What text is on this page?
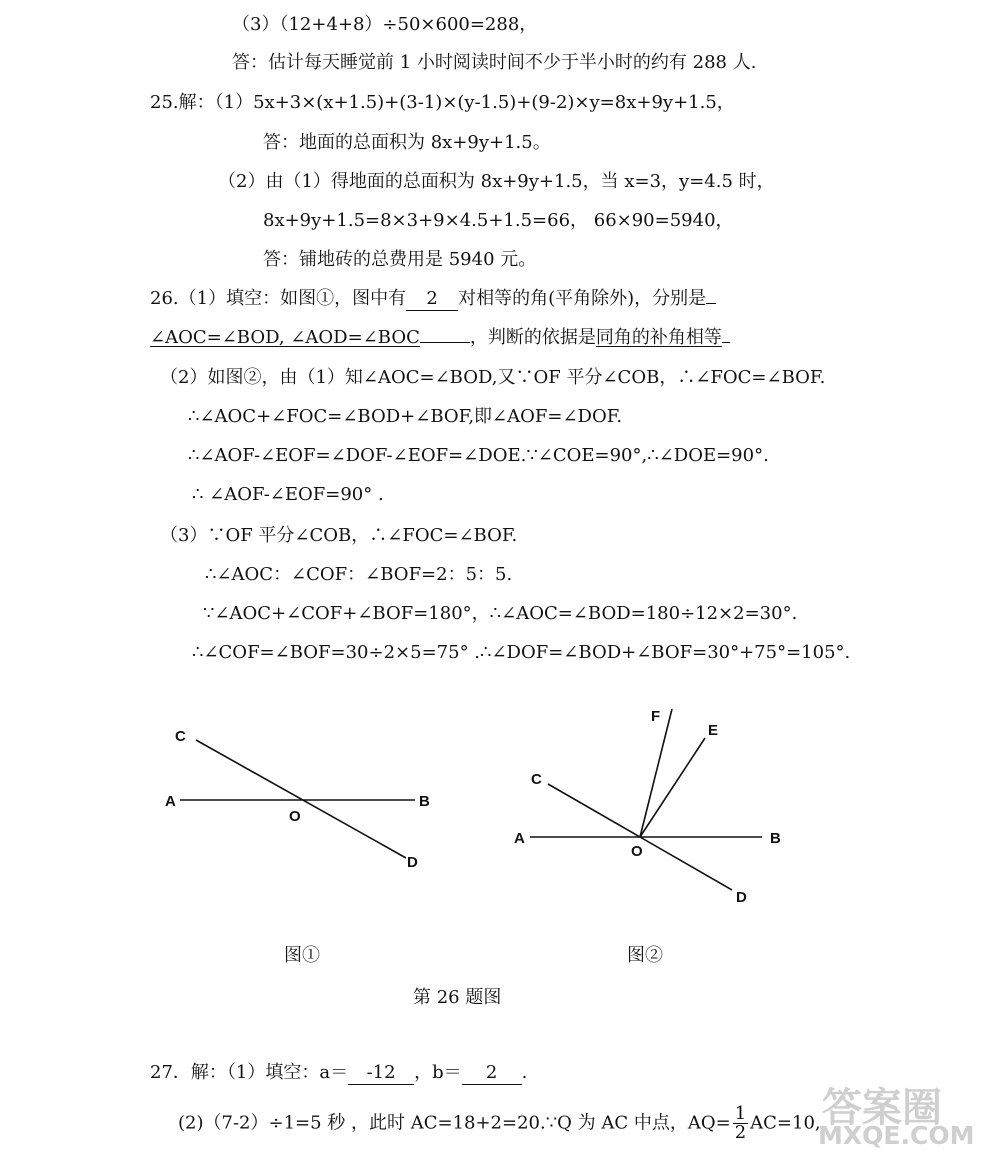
（3）（12+4+8）÷50×600=288，
答：估计每天睡觉前 1 小时阅读时间不少于半小时的约有 288 人.
25.解：（1）5x+3×(x+1.5)+(3-1)×(y-1.5)+(9-2)×y=8x+9y+1.5，
答：地面的总面积为 8x+9y+1.5。
（2）由（1）得地面的总面积为 8x+9y+1.5，当 x=3，y=4.5 时，
8x+9y+1.5=8×3+9×4.5+1.5=66， 66×90=5940，
答：铺地砖的总费用是 5940 元。
26.（1）填空：如图①，图中有 2 对相等的角(平角除外)，分别是
∠AOC=∠BOD, ∠AOD=∠BOC	，判断的依据是同角的补角相等
（2）如图②，由（1）知∠AOC=∠BOD,又∵OF 平分∠COB，∴∠FOC=∠BOF.
∴∠AOC+∠FOC=∠BOD+∠BOF,即∠AOF=∠DOF.
∴∠AOF-∠EOF=∠DOF-∠EOF=∠DOE.∵∠COE=90°,∴∠DOE=90°.
∴ ∠AOF-∠EOF=90° .
（3）∵OF 平分∠COB，∴∠FOC=∠BOF.
∴∠AOC：∠COF：∠BOF=2：5：5.
∵∠AOC+∠COF+∠BOF=180°，∴∠AOC=∠BOD=180÷12×2=30°.
∴∠COF=∠BOF=30÷2×5=75° .∴∠DOF=∠BOD+∠BOF=30°+75°=105°.
C
A	B
O
D
F
E
C
A	B
O
D
图①	图②
第 26 题图
27．解：（1）填空：a＝ -12 ，b＝ 2 .
(2)（7-2）÷1=5 秒 ，此时 AC=18+2=20.∵Q 为 AC 中点，$AQ= \frac{1}{2} AC=10$, 答案圈
MXQE.COM
